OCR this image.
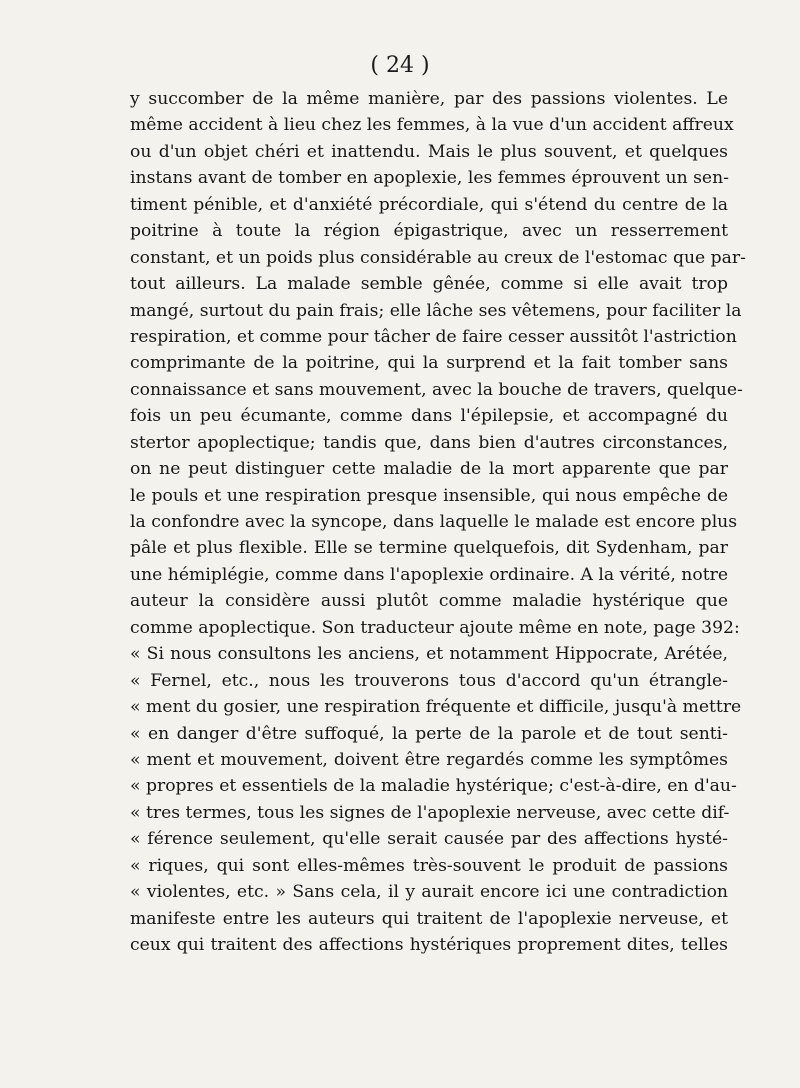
( 24 )
y succomber de la même manière, par des passions violentes. Le
même accident à lieu chez les femmes, à la vue d'un accident affreux
ou d'un objet chéri et inattendu. Mais le plus souvent, et quelques
instans avant de tomber en apoplexie, les femmes éprouvent un sen-
timent pénible, et d'anxiété précordiale, qui s'étend du centre de la
poitrine à toute la région épigastrique, avec un resserrement
constant, et un poids plus considérable au creux de l'estomac que par-
tout ailleurs. La malade semble gênée, comme si elle avait trop
mangé, surtout du pain frais; elle lâche ses vêtemens, pour faciliter la
respiration, et comme pour tâcher de faire cesser aussitôt l'astriction
comprimante de la poitrine, qui la surprend et la fait tomber sans
connaissance et sans mouvement, avec la bouche de travers, quelque-
fois un peu écumante, comme dans l'épilepsie, et accompagné du
stertor apoplectique; tandis que, dans bien d'autres circonstances,
on ne peut distinguer cette maladie de la mort apparente que par
le pouls et une respiration presque insensible, qui nous empêche de
la confondre avec la syncope, dans laquelle le malade est encore plus
pâle et plus flexible. Elle se termine quelquefois, dit Sydenham, par
une hémiplégie, comme dans l'apoplexie ordinaire. A la vérité, notre
auteur la considère aussi plutôt comme maladie hystérique que
comme apoplectique. Son traducteur ajoute même en note, page 392:
« Si nous consultons les anciens, et notamment Hippocrate, Arétée,
« Fernel, etc., nous les trouverons tous d'accord qu'un étrangle-
« ment du gosier, une respiration fréquente et difficile, jusqu'à mettre
« en danger d'être suffoqué, la perte de la parole et de tout senti-
« ment et mouvement, doivent être regardés comme les symptômes
« propres et essentiels de la maladie hystérique; c'est-à-dire, en d'au-
« tres termes, tous les signes de l'apoplexie nerveuse, avec cette dif-
« férence seulement, qu'elle serait causée par des affections hysté-
« riques, qui sont elles-mêmes très-souvent le produit de passions
« violentes, etc. » Sans cela, il y aurait encore ici une contradiction
manifeste entre les auteurs qui traitent de l'apoplexie nerveuse, et
ceux qui traitent des affections hystériques proprement dites, telles
